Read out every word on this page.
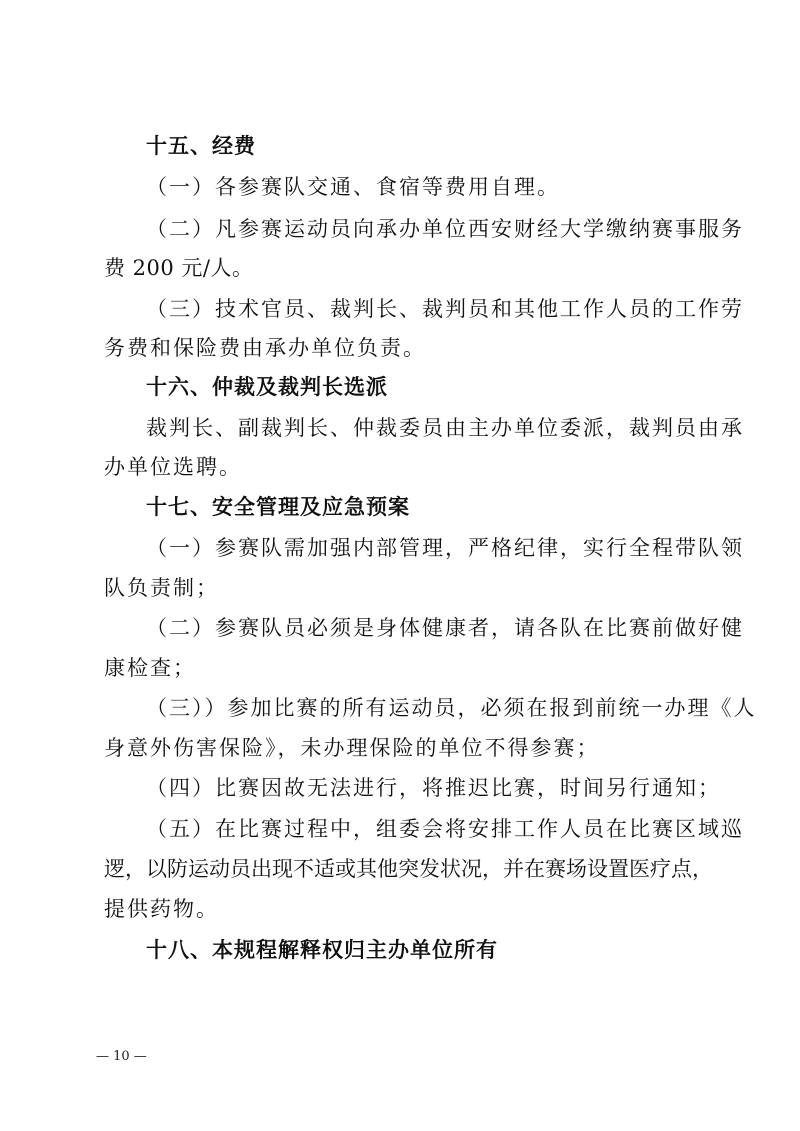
十五、经费
（一）各参赛队交通、食宿等费用自理。
（二）凡参赛运动员向承办单位西安财经大学缴纳赛事服务
费 200 元/人。
（三）技术官员、裁判长、裁判员和其他工作人员的工作劳
务费和保险费由承办单位负责。
十六、仲裁及裁判长选派
裁判长、副裁判长、仲裁委员由主办单位委派，裁判员由承
办单位选聘。
十七、安全管理及应急预案
（一）参赛队需加强内部管理，严格纪律，实行全程带队领
队负责制；
（二）参赛队员必须是身体健康者，请各队在比赛前做好健
康检查；
（三））参加比赛的所有运动员，必须在报到前统一办理《人
身意外伤害保险》，未办理保险的单位不得参赛；
（四）比赛因故无法进行，将推迟比赛，时间另行通知；
（五）在比赛过程中，组委会将安排工作人员在比赛区域巡
逻，以防运动员出现不适或其他突发状况，并在赛场设置医疗点，
提供药物。
十八、本规程解释权归主办单位所有
— 10 —
